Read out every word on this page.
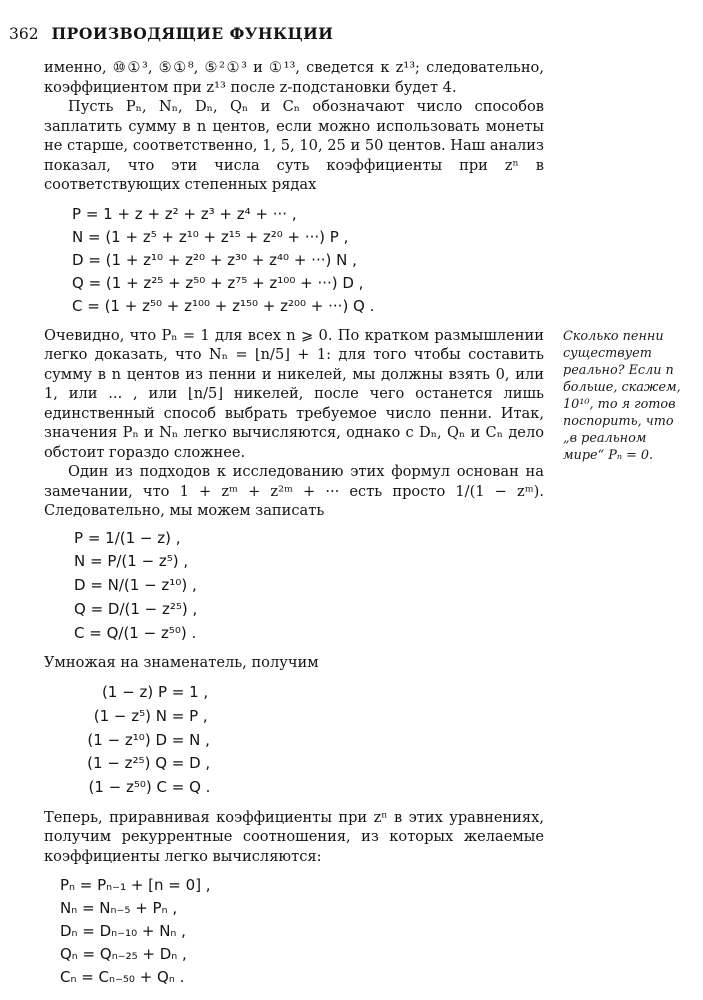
362 ПРОИЗВОДЯЩИЕ ФУНКЦИИ

именно, ⑩①³, ⑤①⁸, ⑤²①³ и ①¹³, сведется к z¹³; следовательно, коэффициентом при z¹³ после z-подстановки будет 4.

Пусть Pₙ, Nₙ, Dₙ, Qₙ и Cₙ обозначают число способов заплатить сумму в n центов, если можно использовать монеты не старше, соответственно, 1, 5, 10, 25 и 50 центов. Наш анализ показал, что эти числа суть коэффициенты при zⁿ в соответствующих степенных рядах

P = 1 + z + z² + z³ + z⁴ + ··· ,
N = (1 + z⁵ + z¹⁰ + z¹⁵ + z²⁰ + ···) P ,
D = (1 + z¹⁰ + z²⁰ + z³⁰ + z⁴⁰ + ···) N ,
Q = (1 + z²⁵ + z⁵⁰ + z⁷⁵ + z¹⁰⁰ + ···) D ,
C = (1 + z⁵⁰ + z¹⁰⁰ + z¹⁵⁰ + z²⁰⁰ + ···) Q .

Очевидно, что Pₙ = 1 для всех n ⩾ 0. По кратком размышлении легко доказать, что Nₙ = ⌊n/5⌋ + 1: для того чтобы составить сумму в n центов из пенни и никелей, мы должны взять 0, или 1, или ... , или ⌊n/5⌋ никелей, после чего останется лишь единственный способ выбрать требуемое число пенни. Итак, значения Pₙ и Nₙ легко вычисляются, однако с Dₙ, Qₙ и Cₙ дело обстоит гораздо сложнее.

Один из подходов к исследованию этих формул основан на замечании, что 1 + zᵐ + z²ᵐ + ··· есть просто 1/(1 − zᵐ). Следовательно, мы можем записать

P = 1/(1 − z) ,
N = P/(1 − z⁵) ,
D = N/(1 − z¹⁰) ,
Q = D/(1 − z²⁵) ,
C = Q/(1 − z⁵⁰) .

Умножая на знаменатель, получим

(1 − z) P = 1 ,
(1 − z⁵) N = P ,
(1 − z¹⁰) D = N ,
(1 − z²⁵) Q = D ,
(1 − z⁵⁰) C = Q .

Теперь, приравнивая коэффициенты при zⁿ в этих уравнениях, получим рекуррентные соотношения, из которых желаемые коэффициенты легко вычисляются:

Pₙ = Pₙ₋₁ + [n = 0] ,
Nₙ = Nₙ₋₅ + Pₙ ,
Dₙ = Dₙ₋₁₀ + Nₙ ,
Qₙ = Qₙ₋₂₅ + Dₙ ,
Cₙ = Cₙ₋₅₀ + Qₙ .

Сколько пенни существует реально? Если n больше, скажем, 10¹⁰, то я готов поспорить, что „в реальном мире“ Pₙ = 0.
